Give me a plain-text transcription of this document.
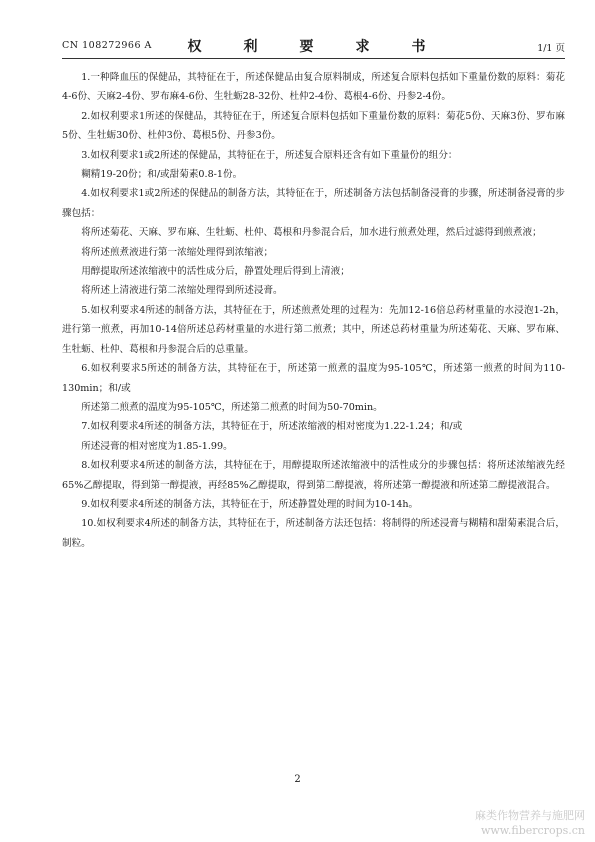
CN 108272966 A	权　利　要　求　书	1/1 页

1.一种降血压的保健品，其特征在于，所述保健品由复合原料制成，所述复合原料包括如下重量份数的原料：菊花4-6份、天麻2-4份、罗布麻4-6份、生牡蛎28-32份、杜仲2-4份、葛根4-6份、丹参2-4份。

2.如权利要求1所述的保健品，其特征在于，所述复合原料包括如下重量份数的原料：菊花5份、天麻3份、罗布麻5份、生牡蛎30份、杜仲3份、葛根5份、丹参3份。

3.如权利要求1或2所述的保健品，其特征在于，所述复合原料还含有如下重量份的组分：

糊精19-20份；和/或甜菊素0.8-1份。

4.如权利要求1或2所述的保健品的制备方法，其特征在于，所述制备方法包括制备浸膏的步骤，所述制备浸膏的步骤包括：

将所述菊花、天麻、罗布麻、生牡蛎、杜仲、葛根和丹参混合后，加水进行煎煮处理，然后过滤得到煎煮液；

将所述煎煮液进行第一浓缩处理得到浓缩液；

用醇提取所述浓缩液中的活性成分后，静置处理后得到上清液；

将所述上清液进行第二浓缩处理得到所述浸膏。

5.如权利要求4所述的制备方法，其特征在于，所述煎煮处理的过程为：先加12-16倍总药材重量的水浸泡1-2h，进行第一煎煮，再加10-14倍所述总药材重量的水进行第二煎煮；其中，所述总药材重量为所述菊花、天麻、罗布麻、生牡蛎、杜仲、葛根和丹参混合后的总重量。

6.如权利要求5所述的制备方法，其特征在于，所述第一煎煮的温度为95-105℃，所述第一煎煮的时间为110-130min；和/或

所述第二煎煮的温度为95-105℃，所述第二煎煮的时间为50-70min。

7.如权利要求4所述的制备方法，其特征在于，所述浓缩液的相对密度为1.22-1.24；和/或

所述浸膏的相对密度为1.85-1.99。

8.如权利要求4所述的制备方法，其特征在于，用醇提取所述浓缩液中的活性成分的步骤包括：将所述浓缩液先经65%乙醇提取，得到第一醇提液，再经85%乙醇提取，得到第二醇提液，将所述第一醇提液和所述第二醇提液混合。

9.如权利要求4所述的制备方法，其特征在于，所述静置处理的时间为10-14h。

10.如权利要求4所述的制备方法，其特征在于，所述制备方法还包括：将制得的所述浸膏与糊精和甜菊素混合后，制粒。

2
麻类作物营养与施肥网
www.fibercrops.cn
